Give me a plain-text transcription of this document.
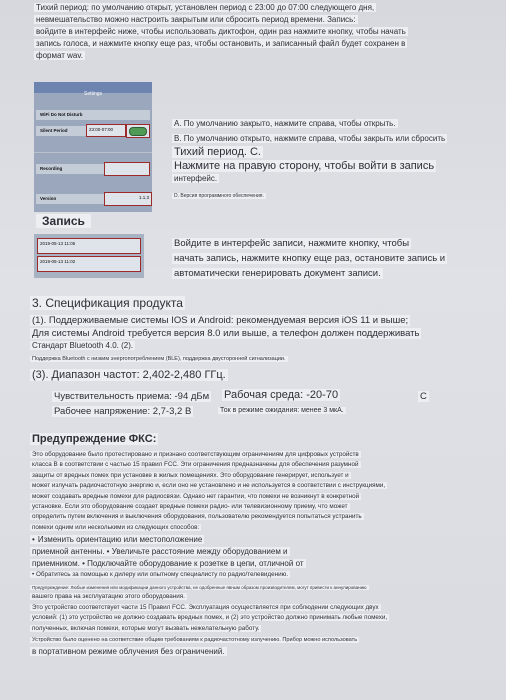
Тихий период: по умолчанию открыт, установлен период с 23:00 до 07:00 следующего дня,
невмешательство можно настроить закрытым или сбросить период времени. Запись:
войдите в интерфейс ниже, чтобы использовать диктофон, один раз нажмите кнопку, чтобы начать
запись голоса, и нажмите кнопку еще раз, чтобы остановить, и записанный файл будет сохранен в
формат wav.
Settings
WiFi Do Not Disturb
Silent Period	23:00-07:00
Recording
Version	1.1.3
А. По умолчанию закрыто, нажмите справа, чтобы открыть.
В. По умолчанию открыто, нажмите справа, чтобы закрыть или сбросить
Тихий период. С.
Нажмите на правую сторону, чтобы войти в запись
интерфейс.
D. Версия программного обеспечения.
Запись
2019-05-13 11:05
2019-05-13 11:02
Войдите в интерфейс записи, нажмите кнопку, чтобы
начать запись, нажмите кнопку еще раз, остановите запись и
автоматически генерировать документ записи.
3. Спецификация продукта
(1). Поддерживаемые системы IOS и Android: рекомендуемая версия iOS 11 и выше;
Для системы Android требуется версия 8.0 или выше, а телефон должен поддерживать
Стандарт Bluetooth 4.0. (2).
Поддержка Bluetooth с низким энергопотреблением (BLE), поддержка двусторонней сигнализации.
(3). Диапазон частот: 2,402-2,480 ГГц.
Чувствительность приема: -94 дБм Рабочая среда: -20-70	C
Рабочее напряжение: 2,7-3,2 В	Ток в режиме ожидания: менее 3 мкА.
Предупреждение ФКС:
Это оборудование было протестировано и признано соответствующим ограничениям для цифровых устройств
класса B в соответствии с частью 15 правил FCC. Эти ограничения предназначены для обеспечения разумной
защиты от вредных помех при установке в жилых помещениях. Это оборудование генерирует, использует и
может излучать радиочастотную энергию и, если оно не установлено и не используется в соответствии с инструкциями,
может создавать вредные помехи для радиосвязи. Однако нет гарантии, что помехи не возникнут в конкретной
установке. Если это оборудование создает вредные помехи радио- или телевизионному приему, что может
определить путем включения и выключения оборудования, пользователю рекомендуется попытаться устранить
помехи одним или несколькими из следующих способов:
• Изменить ориентацию или местоположение
приемной антенны. • Увеличьте расстояние между оборудованием и
приемником. • Подключайте оборудование к розетке в цепи, отличной от
• Обратитесь за помощью к дилеру или опытному специалисту по радио/телевидению.
Предупреждение: Любые изменения или модификации данного устройства, не одобренные явным образом производителем, могут привести к аннулированию
вашего права на эксплуатацию этого оборудования.
Это устройство соответствует части 15 Правил FCC. Эксплуатация осуществляется при соблюдении следующих двух
условий: (1) это устройство не должно создавать вредных помех, и (2) это устройство должно принимать любые помехи,
полученных, включая помехи, которые могут вызвать нежелательную работу.
Устройство было оценено на соответствие общим требованиям к радиочастотному излучению. Прибор можно использовать
в портативном режиме облучения без ограничений.
